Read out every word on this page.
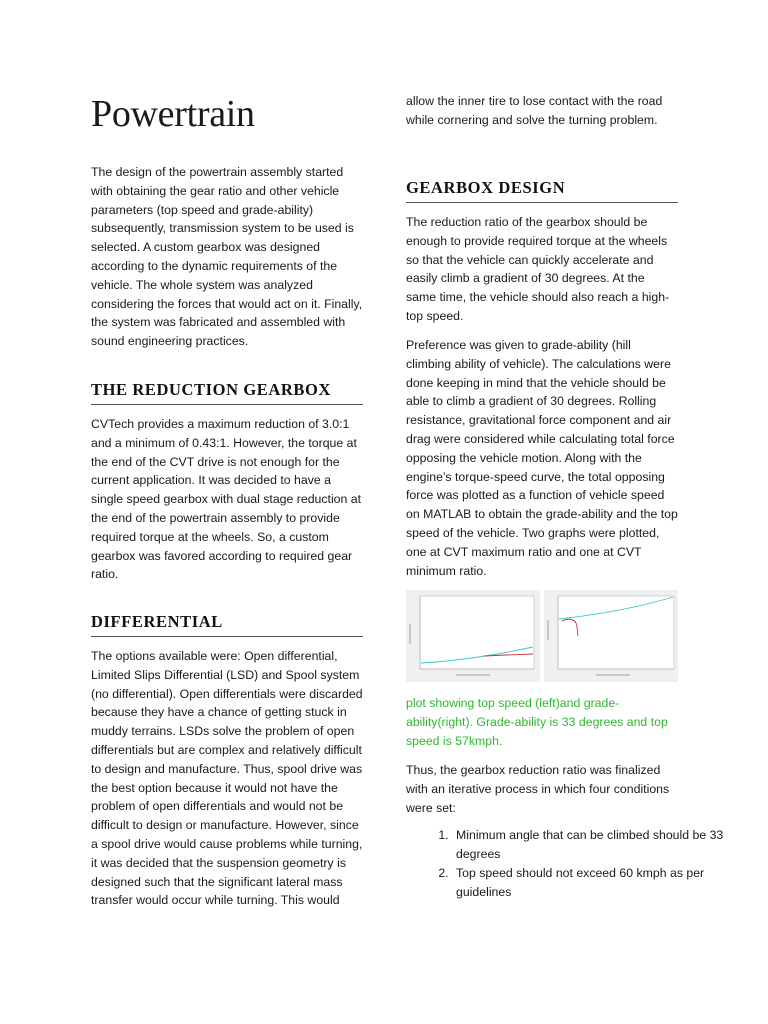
Powertrain

The design of the powertrain assembly started with obtaining the gear ratio and other vehicle parameters (top speed and grade-ability) subsequently, transmission system to be used is selected. A custom gearbox was designed according to the dynamic requirements of the vehicle. The whole system was analyzed considering the forces that would act on it. Finally, the system was fabricated and assembled with sound engineering practices.

THE REDUCTION GEARBOX

CVTech provides a maximum reduction of 3.0:1 and a minimum of 0.43:1. However, the torque at the end of the CVT drive is not enough for the current application. It was decided to have a single speed gearbox with dual stage reduction at the end of the powertrain assembly to provide required torque at the wheels. So, a custom gearbox was favored according to required gear ratio.

DIFFERENTIAL

The options available were: Open differential, Limited Slips Differential (LSD) and Spool system (no differential). Open differentials were discarded because they have a chance of getting stuck in muddy terrains. LSDs solve the problem of open differentials but are complex and relatively difficult to design and manufacture. Thus, spool drive was the best option because it would not have the problem of open differentials and would not be difficult to design or manufacture. However, since a spool drive would cause problems while turning, it was decided that the suspension geometry is designed such that the significant lateral mass transfer would occur while turning. This would

allow the inner tire to lose contact with the road while cornering and solve the turning problem.

GEARBOX DESIGN

The reduction ratio of the gearbox should be enough to provide required torque at the wheels so that the vehicle can quickly accelerate and easily climb a gradient of 30 degrees. At the same time, the vehicle should also reach a high-top speed.

Preference was given to grade-ability (hill climbing ability of vehicle). The calculations were done keeping in mind that the vehicle should be able to climb a gradient of 30 degrees. Rolling resistance, gravitational force component and air drag were considered while calculating total force opposing the vehicle motion. Along with the engine’s torque-speed curve, the total opposing force was plotted as a function of vehicle speed on MATLAB to obtain the grade-ability and the top speed of the vehicle. Two graphs were plotted, one at CVT maximum ratio and one at CVT minimum ratio.

plot showing top speed (left)and grade-ability(right). Grade-ability is 33 degrees and top speed is 57kmph.

Thus, the gearbox reduction ratio was finalized with an iterative process in which four conditions were set:

1. Minimum angle that can be climbed should be 33 degrees
2. Top speed should not exceed 60 kmph as per guidelines
